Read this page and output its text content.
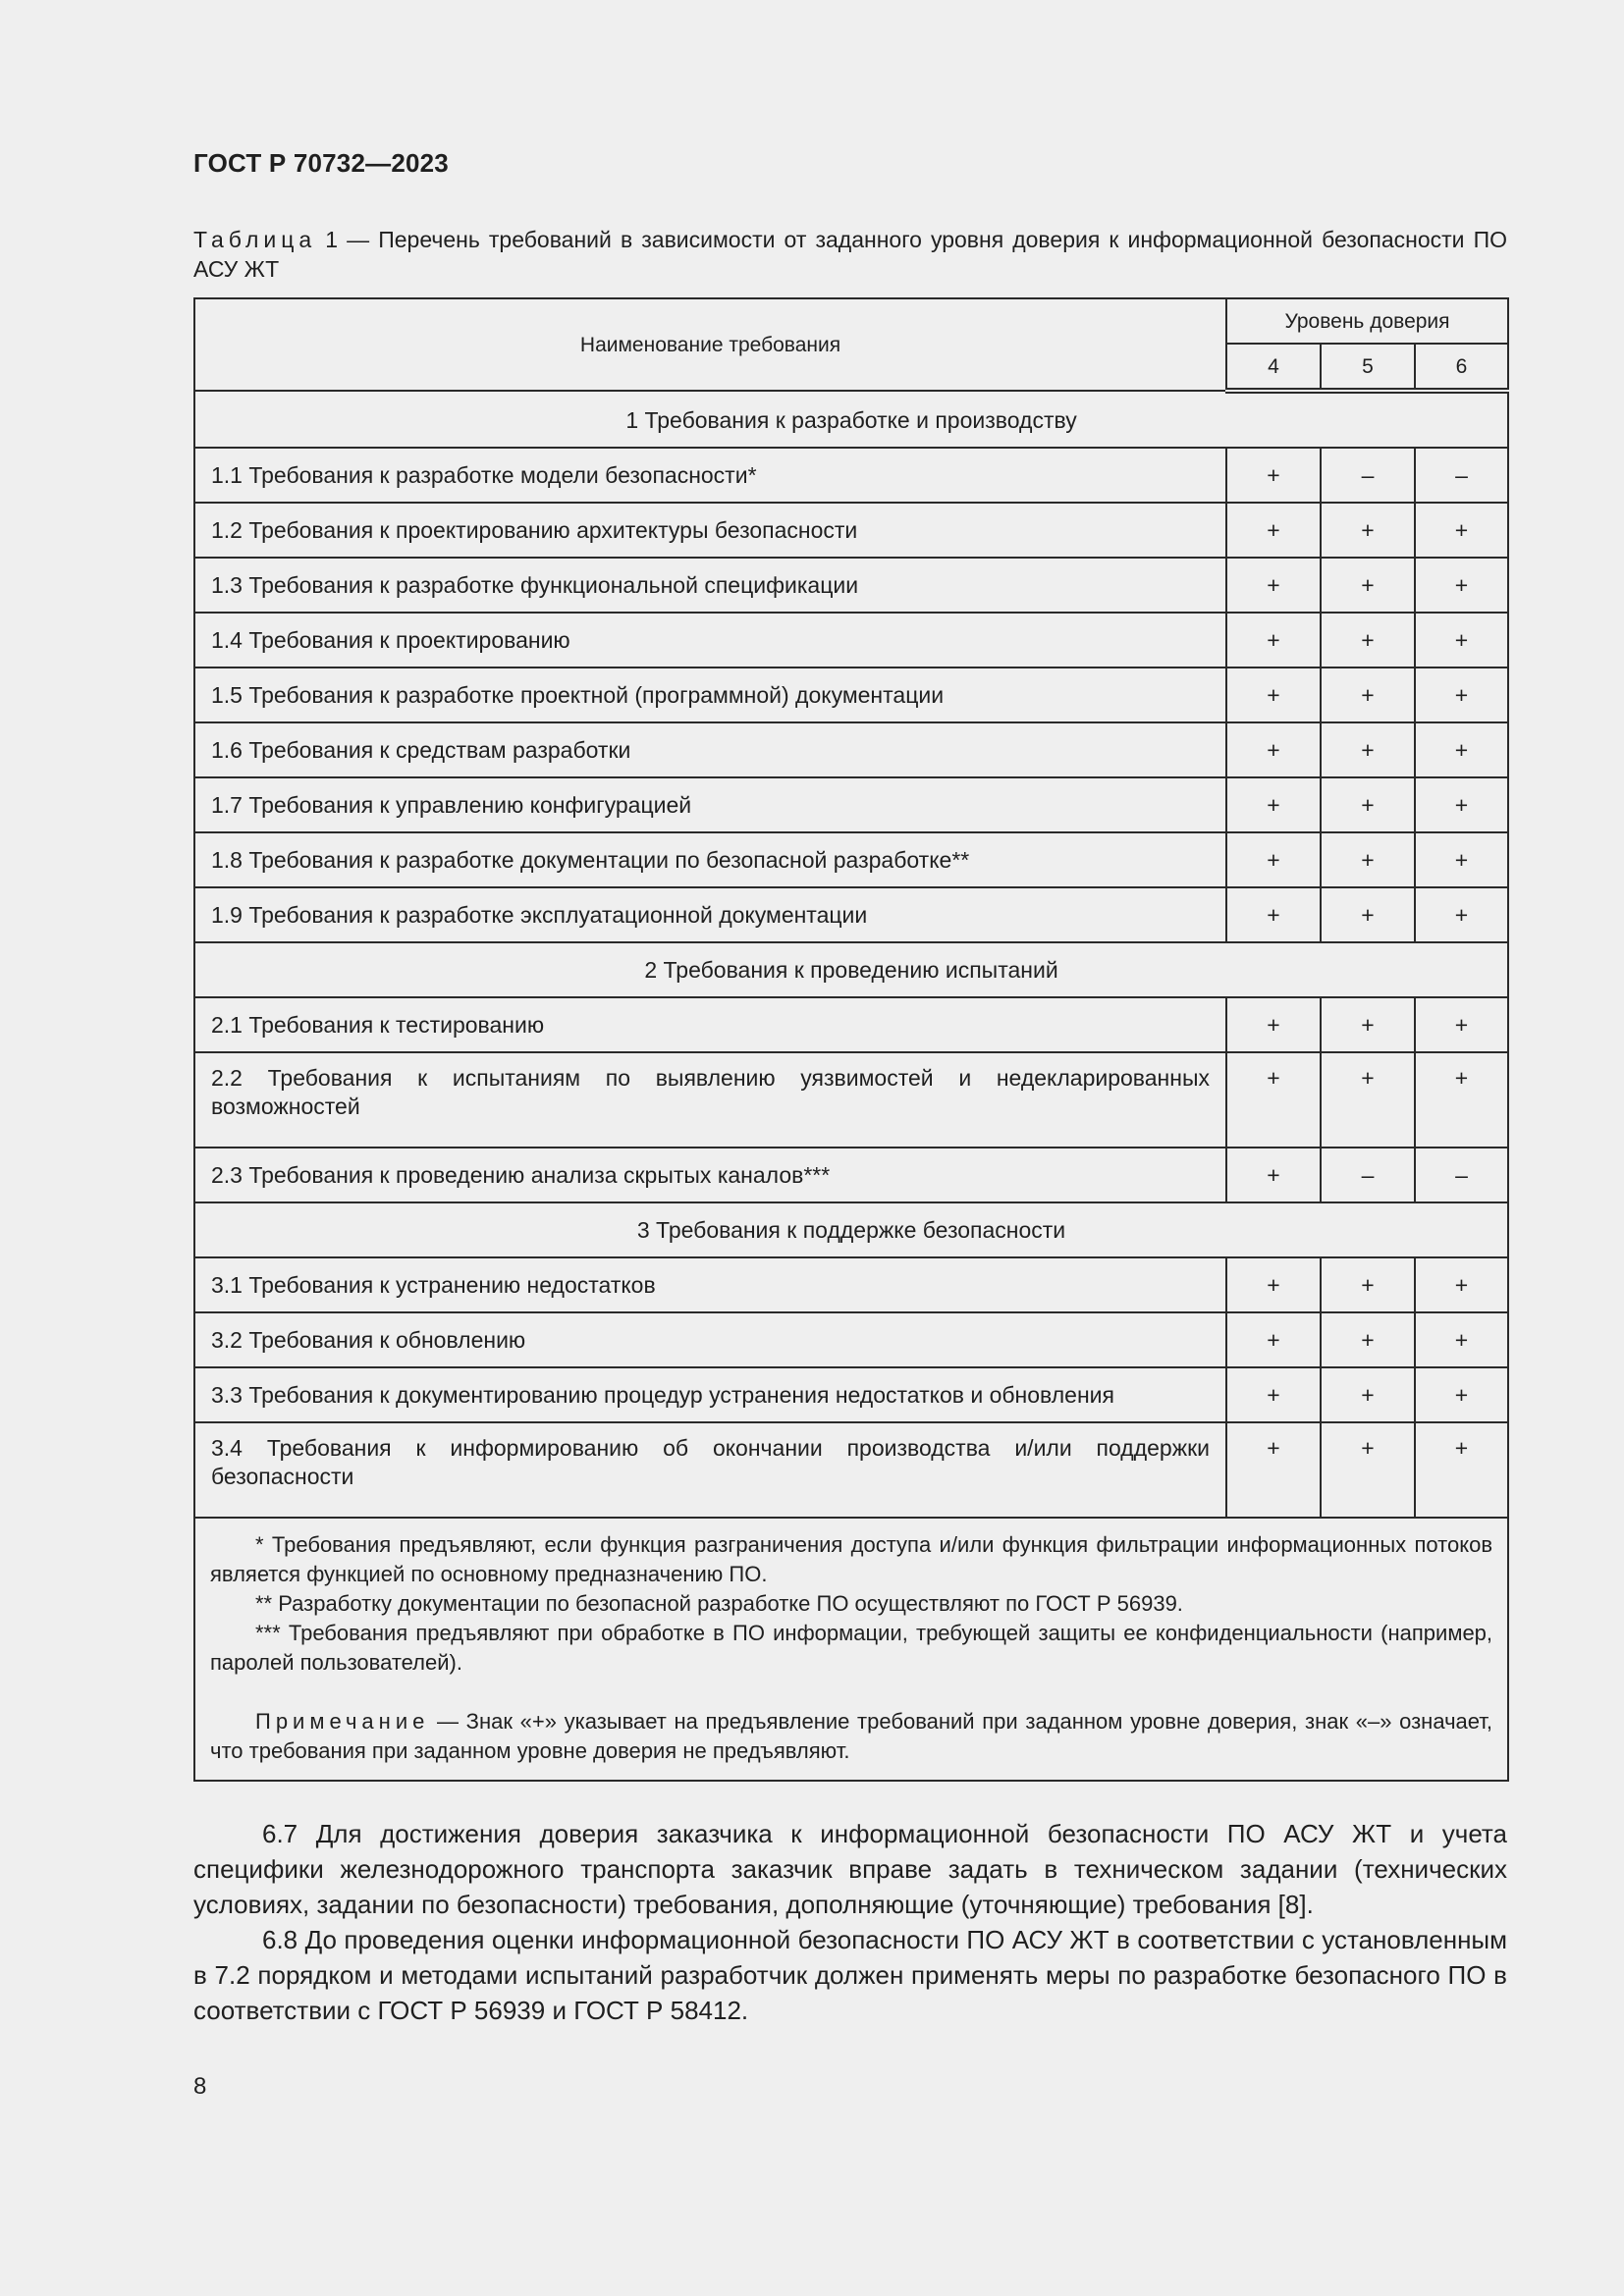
ГОСТ Р 70732—2023

Таблица 1 — Перечень требований в зависимости от заданного уровня доверия к информационной безопасности ПО АСУ ЖТ

Наименование требования	Уровень доверия		
	4	5	6
1 Требования к разработке и производству			
1.1 Требования к разработке модели безопасности*	+	–	–
1.2 Требования к проектированию архитектуры безопасности	+	+	+
1.3 Требования к разработке функциональной спецификации	+	+	+
1.4 Требования к проектированию	+	+	+
1.5 Требования к разработке проектной (программной) документации	+	+	+
1.6 Требования к средствам разработки	+	+	+
1.7 Требования к управлению конфигурацией	+	+	+
1.8 Требования к разработке документации по безопасной разработке**	+	+	+
1.9 Требования к разработке эксплуатационной документации	+	+	+
2 Требования к проведению испытаний			
2.1 Требования к тестированию	+	+	+
2.2 Требования к испытаниям по выявлению уязвимостей и недекларированных возможностей	+	+	+
2.3 Требования к проведению анализа скрытых каналов***	+	–	–
3 Требования к поддержке безопасности			
3.1 Требования к устранению недостатков	+	+	+
3.2 Требования к обновлению	+	+	+
3.3 Требования к документированию процедур устранения недостатков и обновления	+	+	+
3.4 Требования к информированию об окончании производства и/или поддержки безопасности	+	+	+

* Требования предъявляют, если функция разграничения доступа и/или функция фильтрации информационных потоков является функцией по основному предназначению ПО.

** Разработку документации по безопасной разработке ПО осуществляют по ГОСТ Р 56939.

*** Требования предъявляют при обработке в ПО информации, требующей защиты ее конфиденциальности (например, паролей пользователей).

Примечание — Знак «+» указывает на предъявление требований при заданном уровне доверия, знак «–» означает, что требования при заданном уровне доверия не предъявляют.			

6.7 Для достижения доверия заказчика к информационной безопасности ПО АСУ ЖТ и учета специфики железнодорожного транспорта заказчик вправе задать в техническом задании (технических условиях, задании по безопасности) требования, дополняющие (уточняющие) требования [8].

6.8 До проведения оценки информационной безопасности ПО АСУ ЖТ в соответствии с установленным в 7.2 порядком и методами испытаний разработчик должен применять меры по разработке безопасного ПО в соответствии с ГОСТ Р 56939 и ГОСТ Р 58412.

8
